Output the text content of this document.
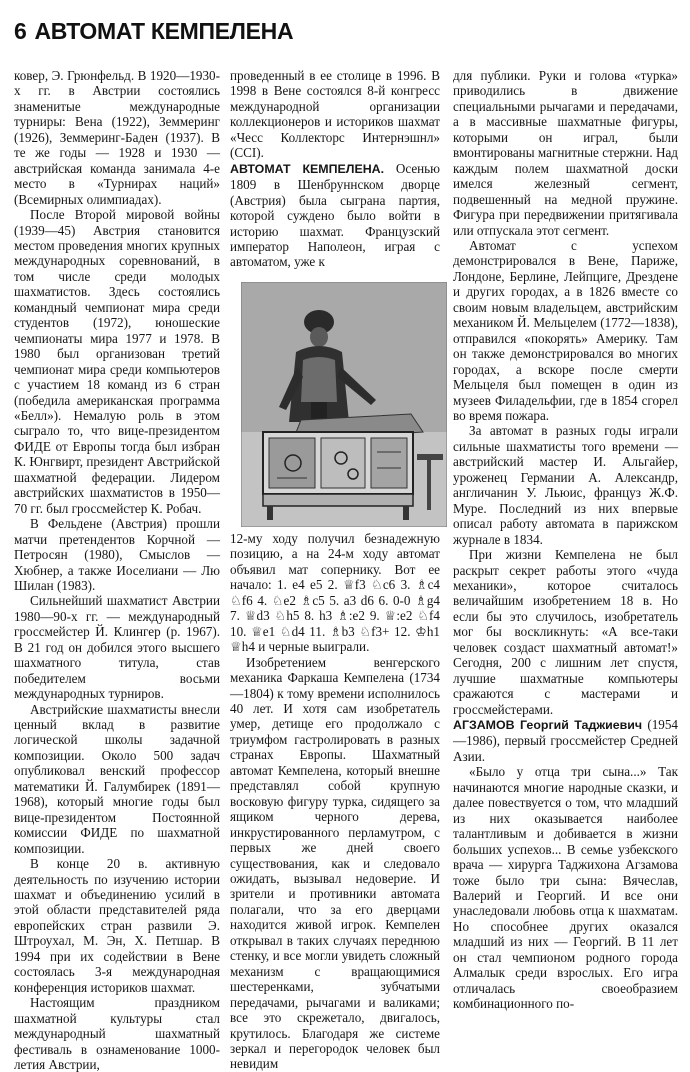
6 АВТОМАТ КЕМПЕЛЕНА

ковер, Э. Грюнфельд. В 1920—1930-х гг. в Австрии состоялись знаменитые международные турниры: Вена (1922), Земмеринг (1926), Земмеринг-Баден (1937). В те же годы — 1928 и 1930 — австрийская команда занимала 4-е место в «Турнирах наций» (Всемирных олимпиадах).

После Второй мировой войны (1939—45) Австрия становится местом проведения многих крупных международных соревнований, в том числе среди молодых шахматистов. Здесь состоялись командный чемпионат мира среди студентов (1972), юношеские чемпионаты мира 1977 и 1978. В 1980 был организован третий чемпионат мира среди компьютеров с участием 18 команд из 6 стран (победила американская программа «Белл»). Немалую роль в этом сыграло то, что вице-президентом ФИДЕ от Европы тогда был избран К. Юнгвирт, президент Австрийской шахматной федерации. Лидером австрийских шахматистов в 1950—70 гг. был гроссмейстер К. Робач.

В Фельдене (Австрия) прошли матчи претендентов Корчной — Петросян (1980), Смыслов — Хюбнер, а также Иоселиани — Лю Шилан (1983).

Сильнейший шахматист Австрии 1980—90-х гг. — международный гроссмейстер Й. Клингер (р. 1967). В 21 год он добился этого высшего шахматного титула, став победителем восьми международных турниров.

Австрийские шахматисты внесли ценный вклад в развитие логической школы задачной композиции. Около 500 задач опубликовал венский профессор математики Й. Галумбирек (1891—1968), который многие годы был вице-президентом Постоянной комиссии ФИДЕ по шахматной композиции.

В конце 20 в. активную деятельность по изучению истории шахмат и объединению усилий в этой области представителей ряда европейских стран развили Э. Штроухал, М. Эн, Х. Петшар. В 1994 при их содействии в Вене состоялась 3-я международная конференция историков шахмат.

Настоящим праздником шахматной культуры стал международный шахматный фестиваль в ознаменование 1000-летия Австрии,

проведенный в ее столице в 1996. В 1998 в Вене состоялся 8-й конгресс международной организации коллекционеров и историков шахмат «Чесс Коллекторс Интернэшнл» (ССI).

АВТОМАТ КЕМПЕЛЕНА. Осенью 1809 в Шенбруннском дворце (Австрия) была сыграна партия, которой суждено было войти в историю шахмат. Французский император Наполеон, играя с автоматом, уже к

12-му ходу получил безнадежную позицию, а на 24-м ходу автомат объявил мат сопернику. Вот ее начало: 1. e4 e5 2. ♕f3 ♘c6 3. ♗c4 ♘f6 4. ♘e2 ♗c5 5. a3 d6 6. 0-0 ♗g4 7. ♕d3 ♘h5 8. h3 ♗:e2 9. ♕:e2 ♘f4 10. ♕e1 ♘d4 11. ♗b3 ♘f3+ 12. ♔h1 ♕h4 и черные выиграли.

Изобретением венгерского механика Фаркаша Кемпелена (1734—1804) к тому времени исполнилось 40 лет. И хотя сам изобретатель умер, детище его продолжало с триумфом гастролировать в разных странах Европы. Шахматный автомат Кемпелена, который внешне представлял собой крупную восковую фигуру турка, сидящего за ящиком черного дерева, инкрустированного перламутром, с первых же дней своего существования, как и следовало ожидать, вызывал недоверие. И зрители и противники автомата полагали, что за его дверцами находится живой игрок. Кемпелен открывал в таких случаях переднюю стенку, и все могли увидеть сложный механизм с вращающимися шестеренками, зубчатыми передачами, рычагами и валиками; все это скрежетало, двигалось, крутилось. Благодаря же системе зеркал и перегородок человек был невидим

для публики. Руки и голова «турка» приводились в движение специальными рычагами и передачами, а в массивные шахматные фигуры, которыми он играл, были вмонтированы магнитные стержни. Над каждым полем шахматной доски имелся железный сегмент, подвешенный на медной пружине. Фигура при передвижении притягивала или отпускала этот сегмент.

Автомат с успехом демонстрировался в Вене, Париже, Лондоне, Берлине, Лейпциге, Дрездене и других городах, а в 1826 вместе со своим новым владельцем, австрийским механиком Й. Мельцелем (1772—1838), отправился «покорять» Америку. Там он также демонстрировался во многих городах, а вскоре после смерти Мельцеля был помещен в один из музеев Филадельфии, где в 1854 сгорел во время пожара.

За автомат в разных годы играли сильные шахматисты того времени — австрийский мастер И. Альгайер, уроженец Германии А. Александр, англичанин У. Льюис, француз Ж.Ф. Муре. Последний из них впервые описал работу автомата в парижском журнале в 1834.

При жизни Кемпелена не был раскрыт секрет работы этого «чуда механики», которое считалось величайшим изобретением 18 в. Но если бы это случилось, изобретатель мог бы воскликнуть: «А все-таки человек создаст шахматный автомат!» Сегодня, 200 с лишним лет спустя, лучшие шахматные компьютеры сражаются с мастерами и гроссмейстерами.

АГЗАМОВ Георгий Таджиевич (1954—1986), первый гроссмейстер Средней Азии.

«Было у отца три сына...» Так начинаются многие народные сказки, и далее повествуется о том, что младший из них оказывается наиболее талантливым и добивается в жизни больших успехов... В семье узбекского врача — хирурга Таджихона Агзамова тоже было три сына: Вячеслав, Валерий и Георгий. И все они унаследовали любовь отца к шахматам. Но способнее других оказался младший из них — Георгий. В 11 лет он стал чемпионом родного города Алмалык среди взрослых. Его игра отличалась своеобразием комбинационного по-
